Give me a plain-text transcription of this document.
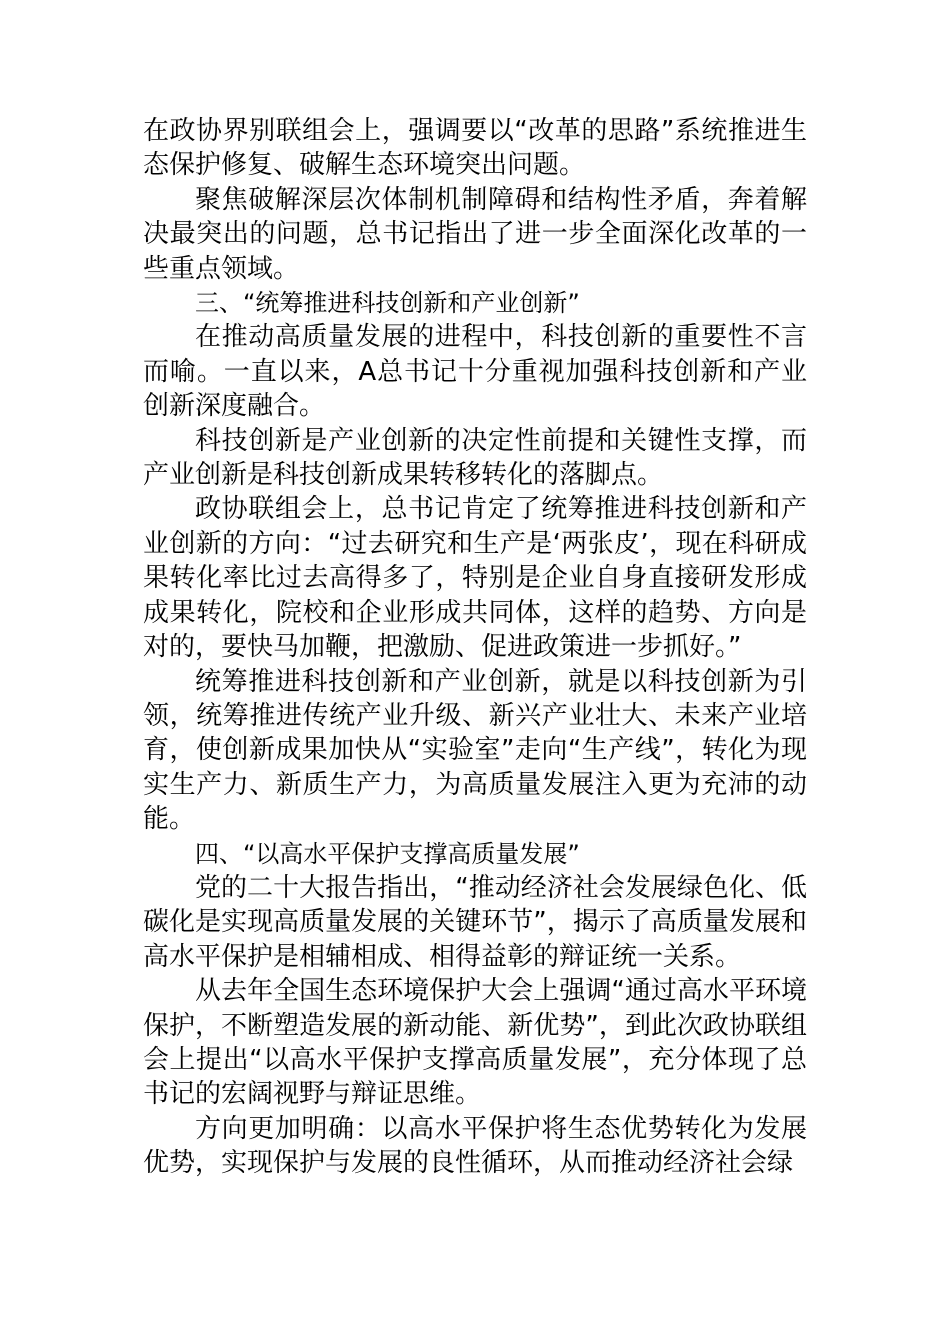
在政协界别联组会上，强调要以“改革的思路”系统推进生态保护修复、破解生态环境突出问题。

聚焦破解深层次体制机制障碍和结构性矛盾，奔着解决最突出的问题，总书记指出了进一步全面深化改革的一些重点领域。

三、“统筹推进科技创新和产业创新”

在推动高质量发展的进程中，科技创新的重要性不言而喻。一直以来，A总书记十分重视加强科技创新和产业创新深度融合。

科技创新是产业创新的决定性前提和关键性支撑，而产业创新是科技创新成果转移转化的落脚点。

政协联组会上，总书记肯定了统筹推进科技创新和产业创新的方向：“过去研究和生产是‘两张皮’，现在科研成果转化率比过去高得多了，特别是企业自身直接研发形成成果转化，院校和企业形成共同体，这样的趋势、方向是对的，要快马加鞭，把激励、促进政策进一步抓好。”

统筹推进科技创新和产业创新，就是以科技创新为引领，统筹推进传统产业升级、新兴产业壮大、未来产业培育，使创新成果加快从“实验室”走向“生产线”，转化为现实生产力、新质生产力，为高质量发展注入更为充沛的动能。

四、“以高水平保护支撑高质量发展”

党的二十大报告指出，“推动经济社会发展绿色化、低碳化是实现高质量发展的关键环节”，揭示了高质量发展和高水平保护是相辅相成、相得益彰的辩证统一关系。

从去年全国生态环境保护大会上强调“通过高水平环境保护，不断塑造发展的新动能、新优势”，到此次政协联组会上提出“以高水平保护支撑高质量发展”，充分体现了总书记的宏阔视野与辩证思维。

方向更加明确：以高水平保护将生态优势转化为发展优势，实现保护与发展的良性循环，从而推动经济社会绿
